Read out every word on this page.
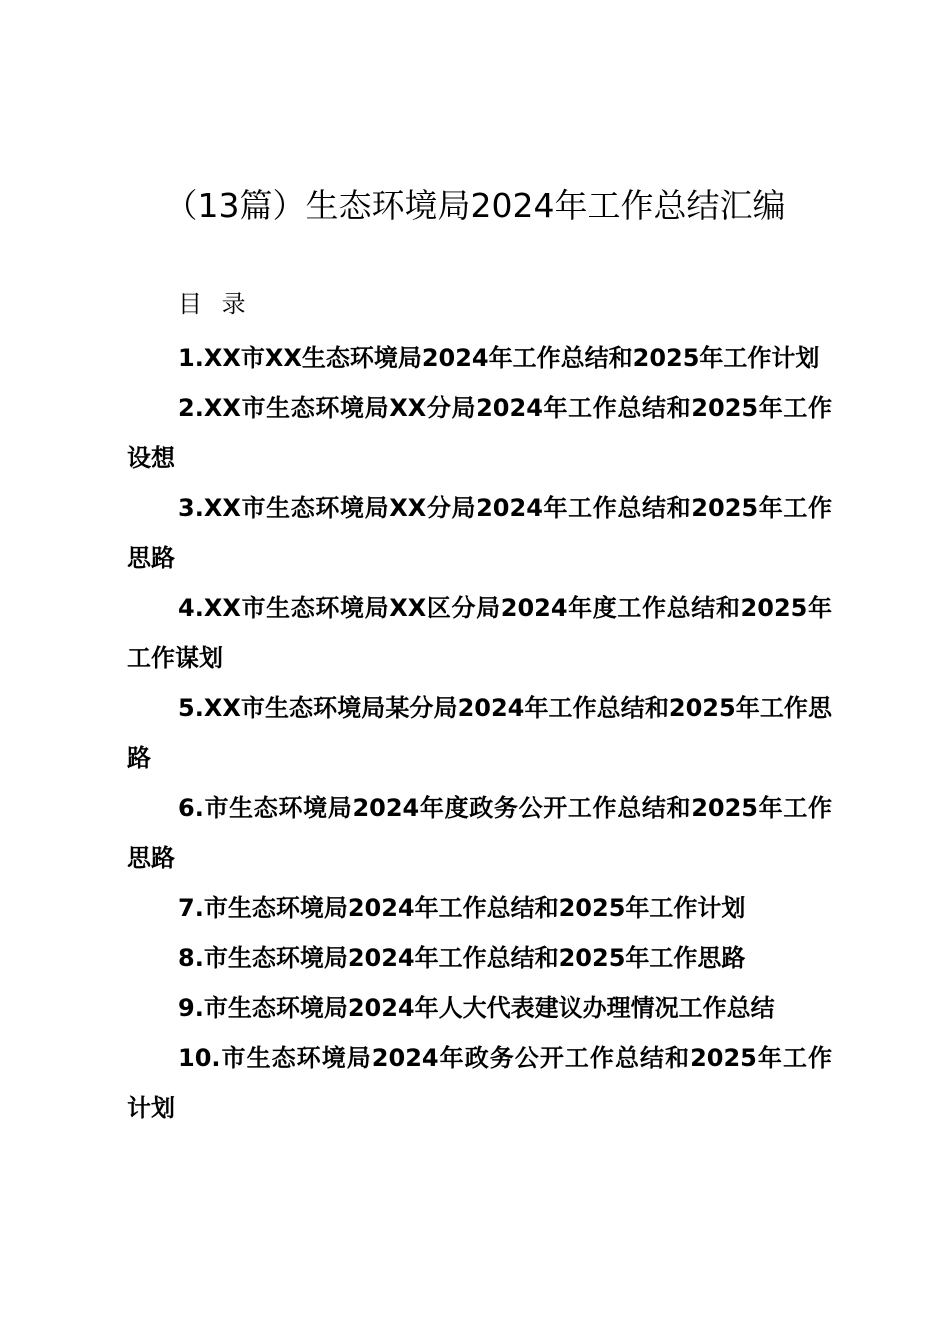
（13篇）生态环境局2024年工作总结汇编
目 录
1.XX市XX生态环境局2024年工作总结和2025年工作计划
2.XX市生态环境局XX分局2024年工作总结和2025年工作设想
3.XX市生态环境局XX分局2024年工作总结和2025年工作思路
4.XX市生态环境局XX区分局2024年度工作总结和2025年工作谋划
5.XX市生态环境局某分局2024年工作总结和2025年工作思路
6.市生态环境局2024年度政务公开工作总结和2025年工作思路
7.市生态环境局2024年工作总结和2025年工作计划
8.市生态环境局2024年工作总结和2025年工作思路
9.市生态环境局2024年人大代表建议办理情况工作总结
10.市生态环境局2024年政务公开工作总结和2025年工作计划
